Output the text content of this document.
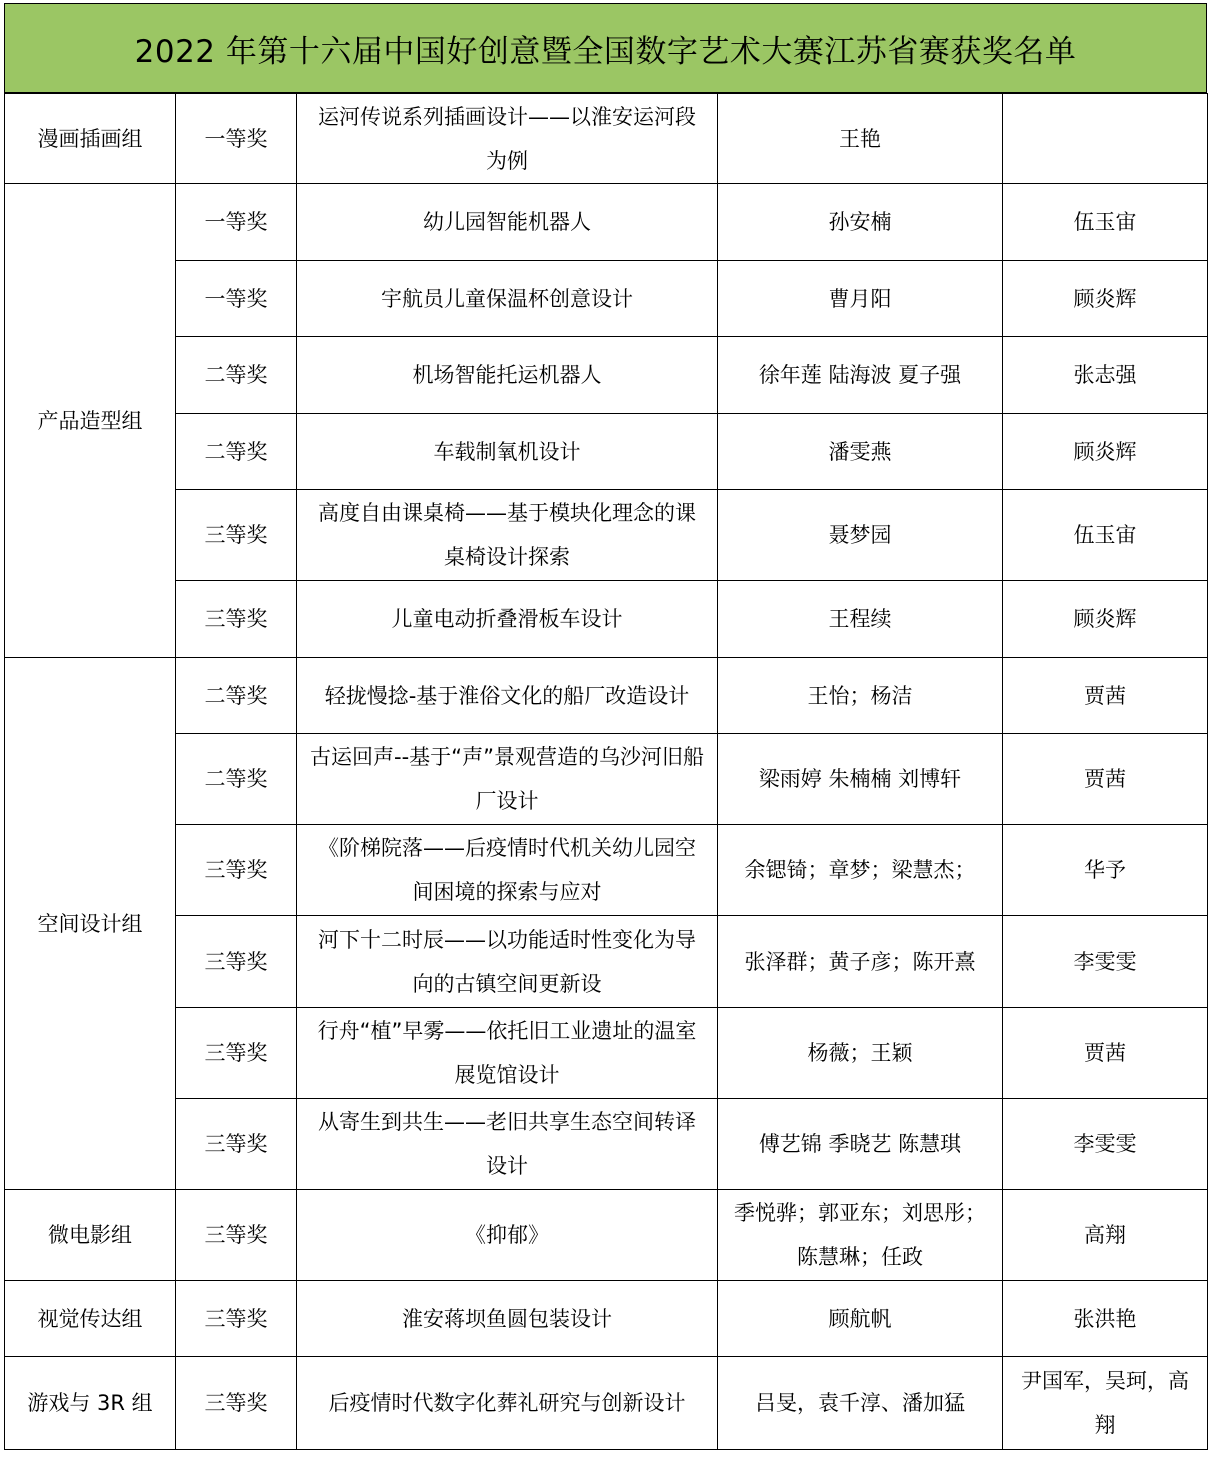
2022 年第十六届中国好创意暨全国数字艺术大赛江苏省赛获奖名单
漫画插画组	一等奖	运河传说系列插画设计——以淮安运河段为例	王艳	
产品造型组	一等奖	幼儿园智能机器人	孙安楠	伍玉宙
	一等奖	宇航员儿童保温杯创意设计	曹月阳	顾炎辉
	二等奖	机场智能托运机器人	徐年莲 陆海波 夏子强	张志强
	二等奖	车载制氧机设计	潘雯燕	顾炎辉
	三等奖	高度自由课桌椅——基于模块化理念的课桌椅设计探索	聂梦园	伍玉宙
	三等奖	儿童电动折叠滑板车设计	王程续	顾炎辉
空间设计组	二等奖	轻拢慢捻-基于淮俗文化的船厂改造设计	王怡；杨洁	贾茜
	二等奖	古运回声--基于“声”景观营造的乌沙河旧船厂设计	梁雨婷 朱楠楠 刘博轩	贾茜
	三等奖	《阶梯院落——后疫情时代机关幼儿园空间困境的探索与应对	余锶锜；章梦；梁慧杰；	华予
	三等奖	河下十二时辰——以功能适时性变化为导向的古镇空间更新设	张泽群；黄子彦；陈开熹	李雯雯
	三等奖	行舟“植”早雾——依托旧工业遗址的温室展览馆设计	杨薇；王颖	贾茜
	三等奖	从寄生到共生——老旧共享生态空间转译设计	傅艺锦 季晓艺 陈慧琪	李雯雯
微电影组	三等奖	《抑郁》	季悦骅；郭亚东；刘思彤；陈慧琳；任政	高翔
视觉传达组	三等奖	淮安蒋坝鱼圆包装设计	顾航帆	张洪艳
游戏与 3R 组	三等奖	后疫情时代数字化葬礼研究与创新设计	吕旻，袁千淳、潘加猛	尹国军，吴珂，高翔
